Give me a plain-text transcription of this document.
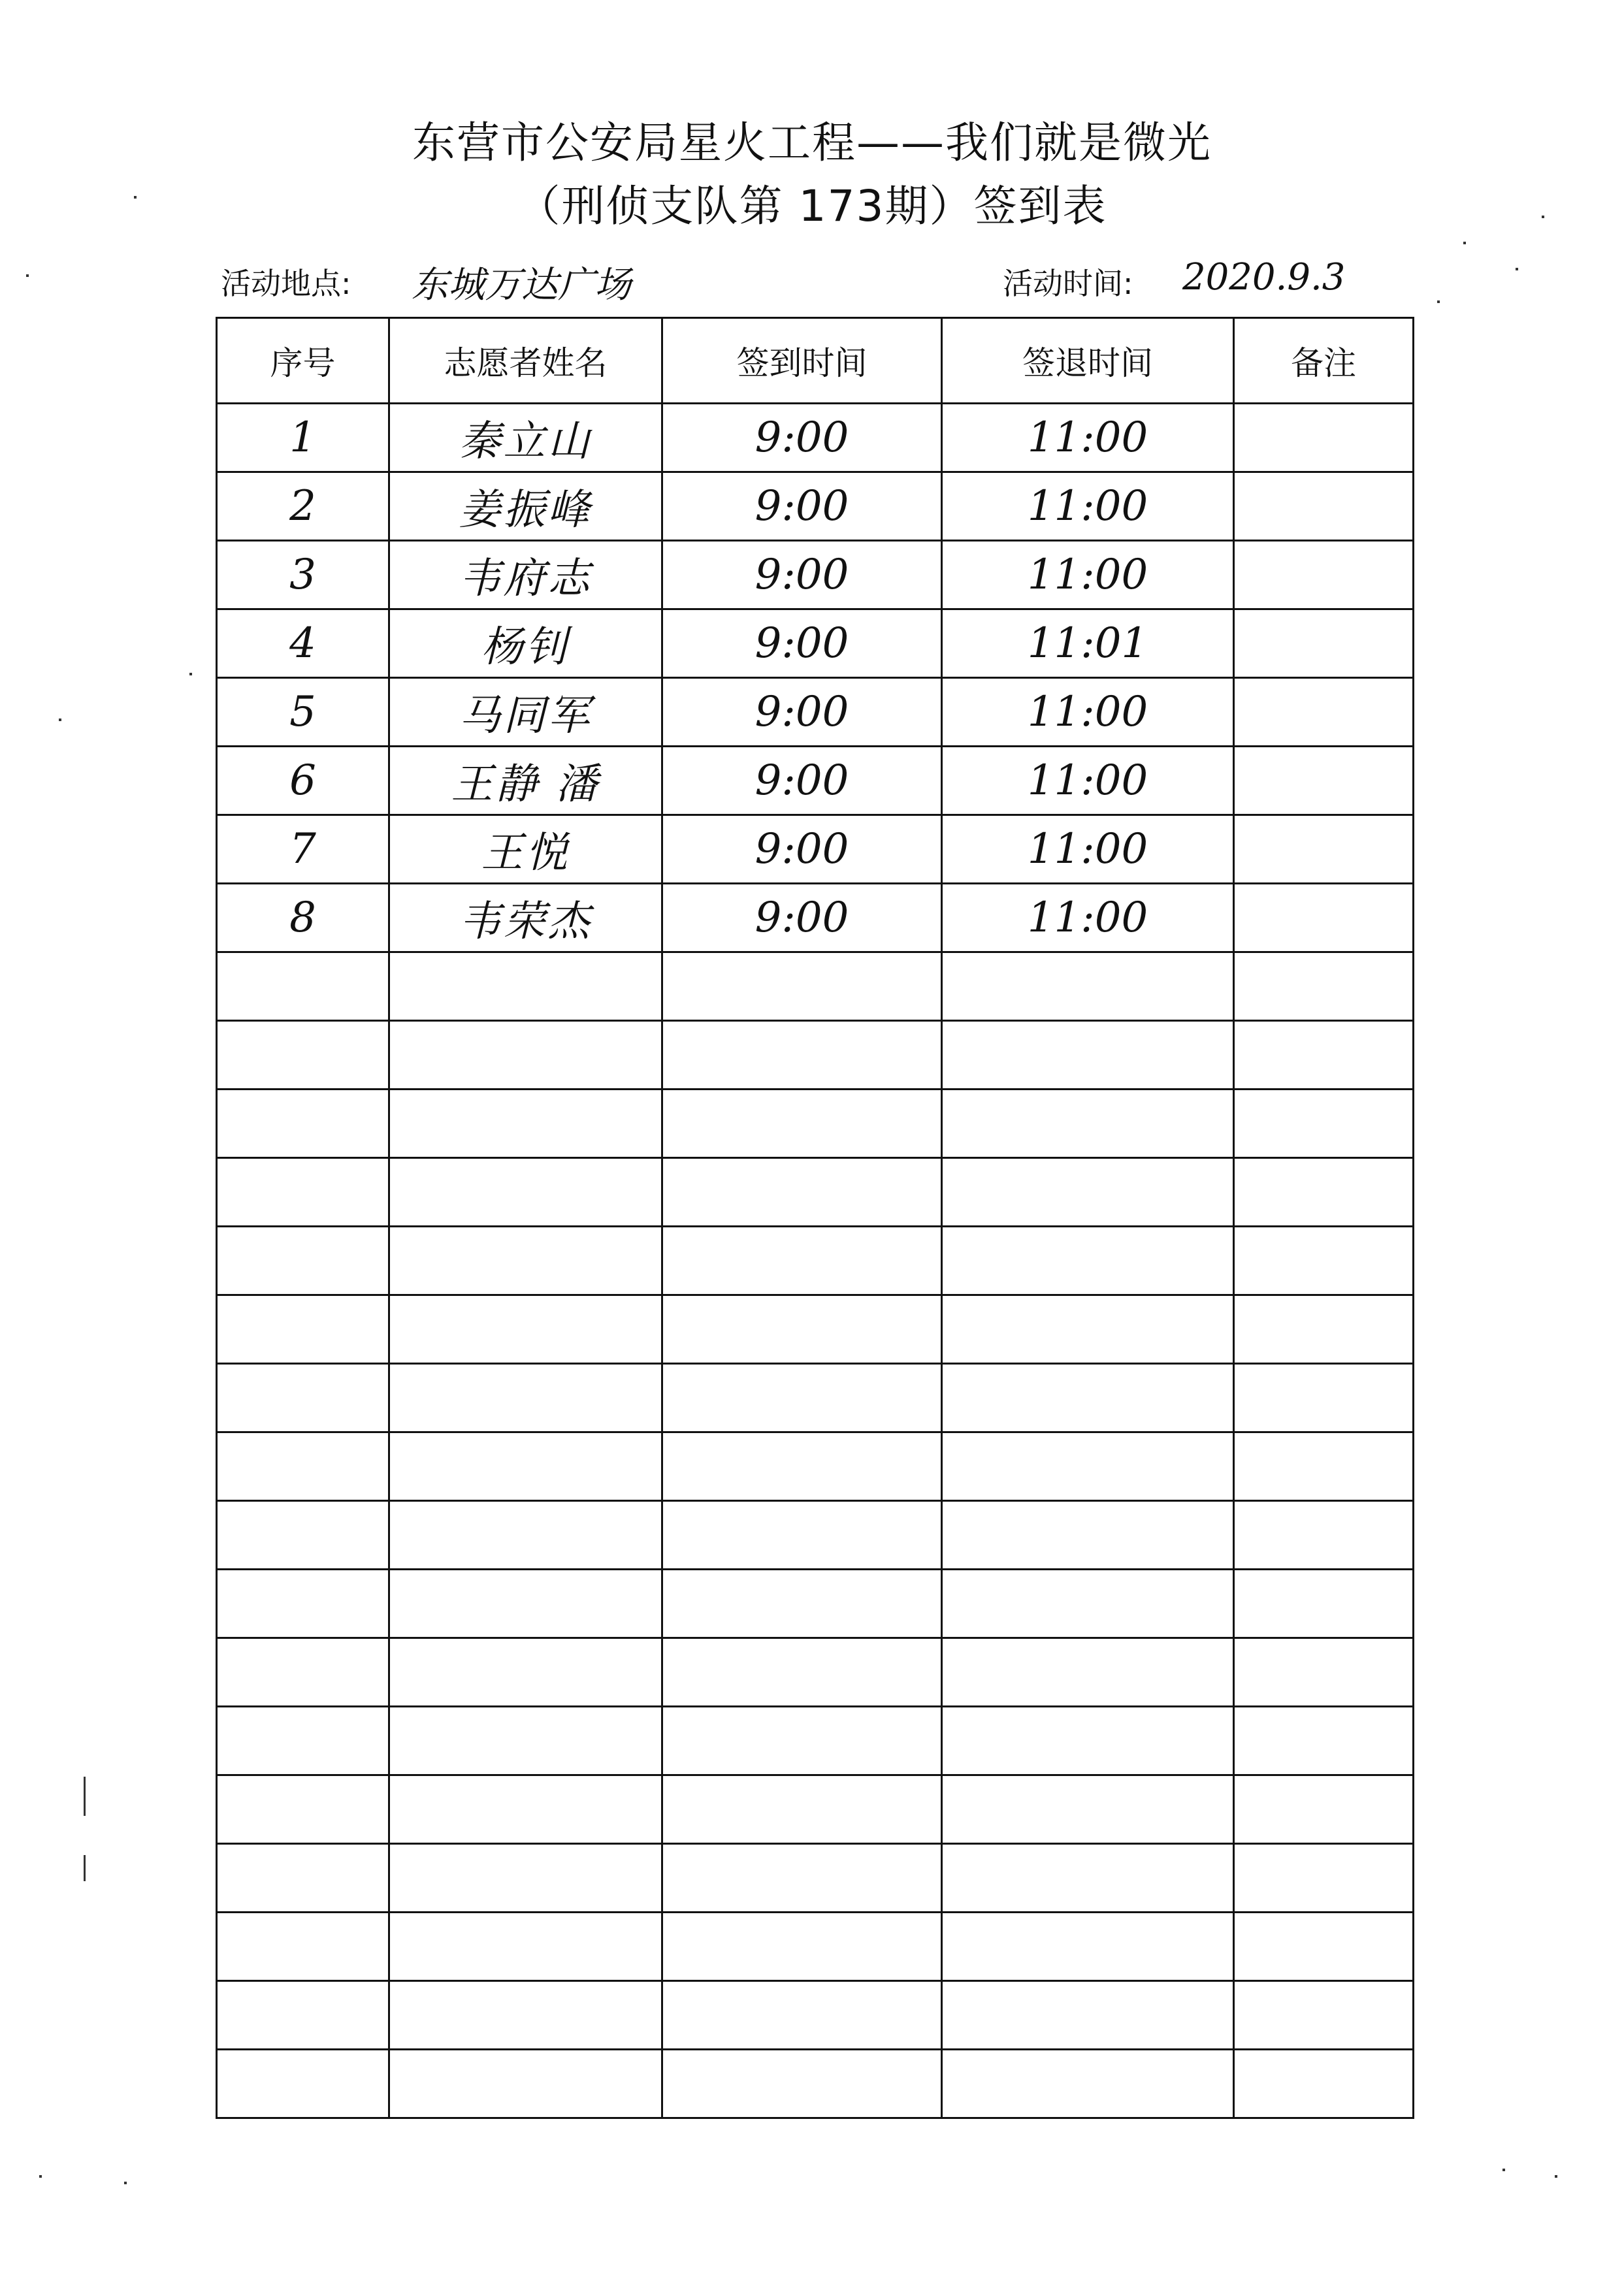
东营市公安局星火工程——我们就是微光
（刑侦支队第 173期）签到表
活动地点: 东城万达广场	活动时间: 2020.9.3
序号	志愿者姓名	签到时间	签退时间	备注
1	秦立山	9:00	11:00	
2	姜振峰	9:00	11:00	
3	韦府志	9:00	11:00	
4	杨钊	9:00	11:01	
5	马同军	9:00	11:00	
6	王静 潘	9:00	11:00	
7	王悦	9:00	11:00	
8	韦荣杰	9:00	11:00	
